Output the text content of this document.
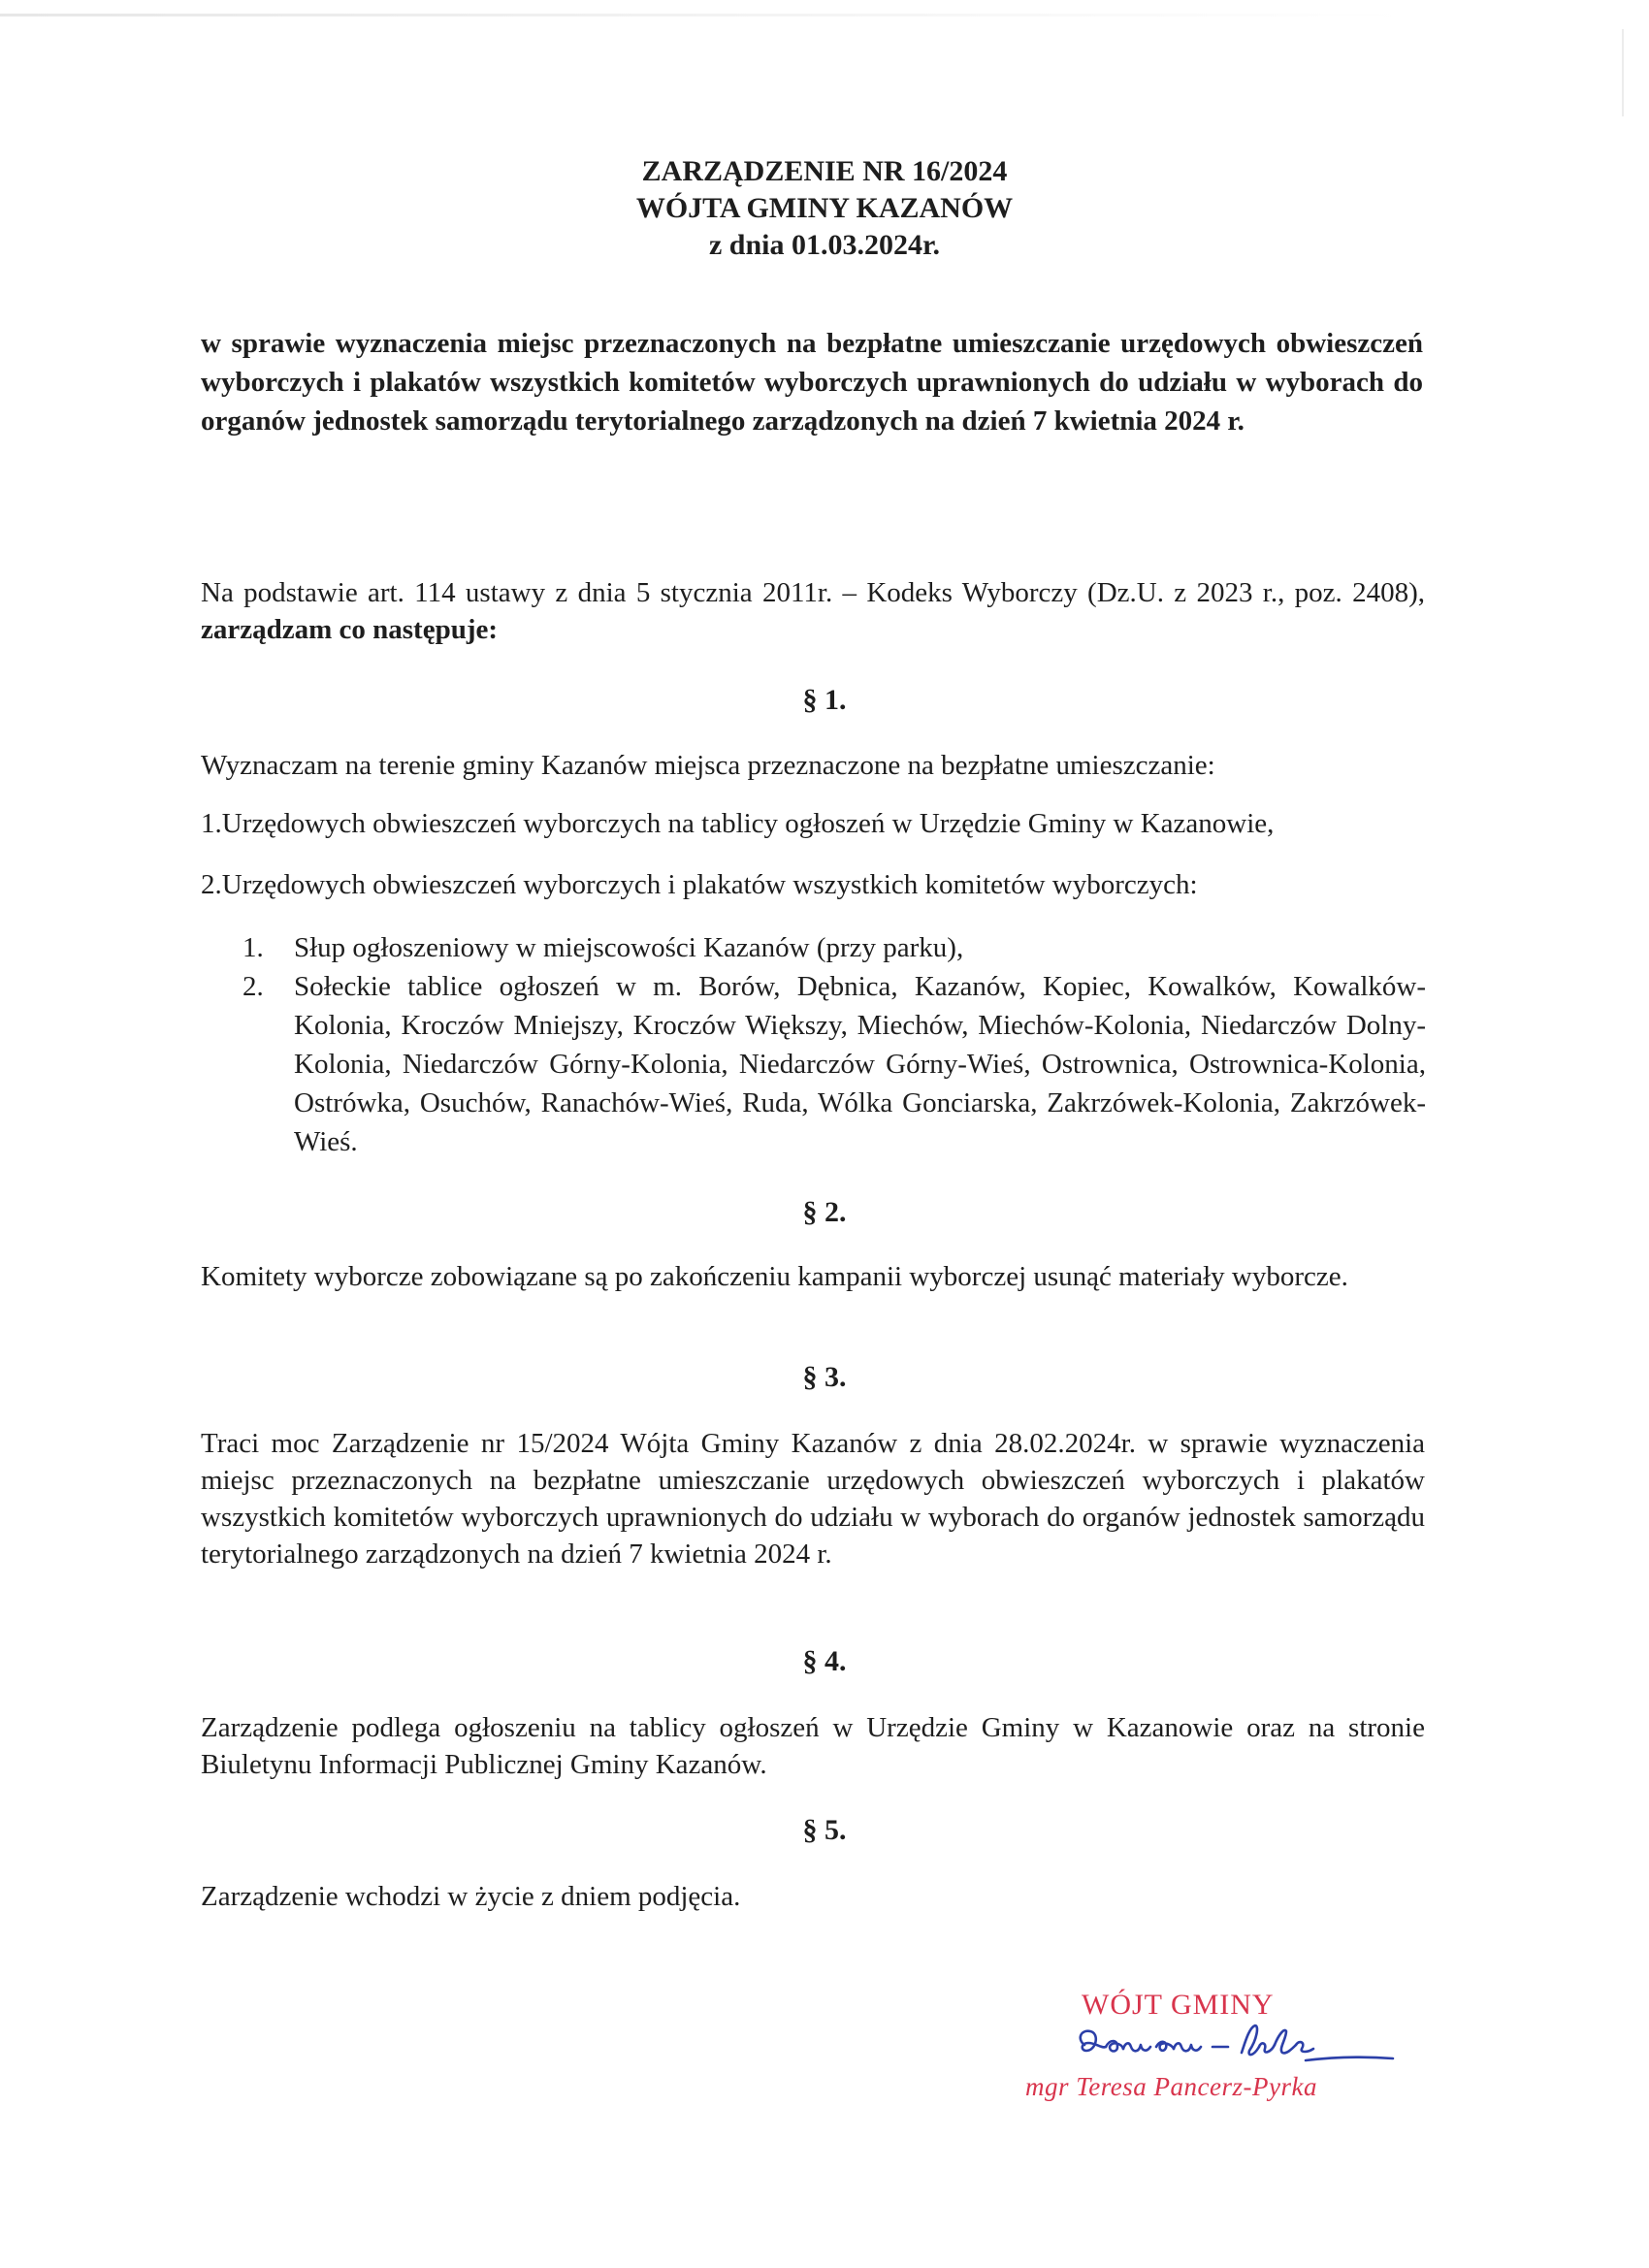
ZARZĄDZENIE NR 16/2024
WÓJTA GMINY KAZANÓW
z dnia 01.03.2024r.
w sprawie wyznaczenia miejsc przeznaczonych na bezpłatne umieszczanie urzędowych obwieszczeń wyborczych i plakatów wszystkich komitetów wyborczych uprawnionych do udziału w wyborach do organów jednostek samorządu terytorialnego zarządzonych na dzień 7 kwietnia 2024 r.
Na podstawie art. 114 ustawy z dnia 5 stycznia 2011r. – Kodeks Wyborczy (Dz.U. z 2023 r., poz. 2408), zarządzam co następuje:
§ 1.
Wyznaczam na terenie gminy Kazanów miejsca przeznaczone na bezpłatne umieszczanie:
1.Urzędowych obwieszczeń wyborczych na tablicy ogłoszeń w Urzędzie Gminy w Kazanowie,
2.Urzędowych obwieszczeń wyborczych i plakatów wszystkich komitetów wyborczych:
1. Słup ogłoszeniowy w miejscowości Kazanów (przy parku),
2. Sołeckie tablice ogłoszeń w m. Borów, Dębnica, Kazanów, Kopiec, Kowalków, Kowalków-Kolonia, Kroczów Mniejszy, Kroczów Większy, Miechów, Miechów-Kolonia, Niedarczów Dolny-Kolonia, Niedarczów Górny-Kolonia, Niedarczów Górny-Wieś, Ostrownica, Ostrownica-Kolonia, Ostrówka, Osuchów, Ranachów-Wieś, Ruda, Wólka Gonciarska, Zakrzówek-Kolonia, Zakrzówek-Wieś.
§ 2.
Komitety wyborcze zobowiązane są po zakończeniu kampanii wyborczej usunąć materiały wyborcze.
§ 3.
Traci moc Zarządzenie nr 15/2024 Wójta Gminy Kazanów z dnia 28.02.2024r. w sprawie wyznaczenia miejsc przeznaczonych na bezpłatne umieszczanie urzędowych obwieszczeń wyborczych i plakatów wszystkich komitetów wyborczych uprawnionych do udziału w wyborach do organów jednostek samorządu terytorialnego zarządzonych na dzień 7 kwietnia 2024 r.
§ 4.
Zarządzenie podlega ogłoszeniu na tablicy ogłoszeń w Urzędzie Gminy w Kazanowie oraz na stronie Biuletynu Informacji Publicznej Gminy Kazanów.
§ 5.
Zarządzenie wchodzi w życie z dniem podjęcia.
WÓJT GMINY
mgr Teresa Pancerz-Pyrka
